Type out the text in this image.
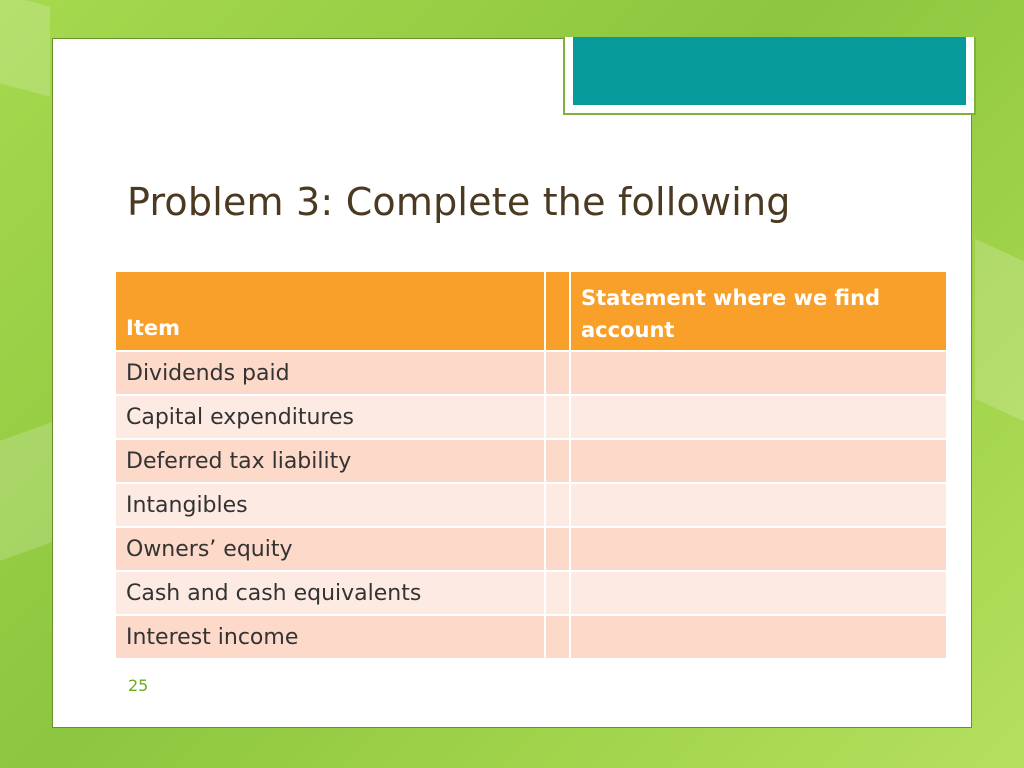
Problem 3: Complete the following
Item		Statement where we find account
Dividends paid		
Capital expenditures		
Deferred tax liability		
Intangibles		
Owners’ equity		
Cash and cash equivalents		
Interest income		
25
